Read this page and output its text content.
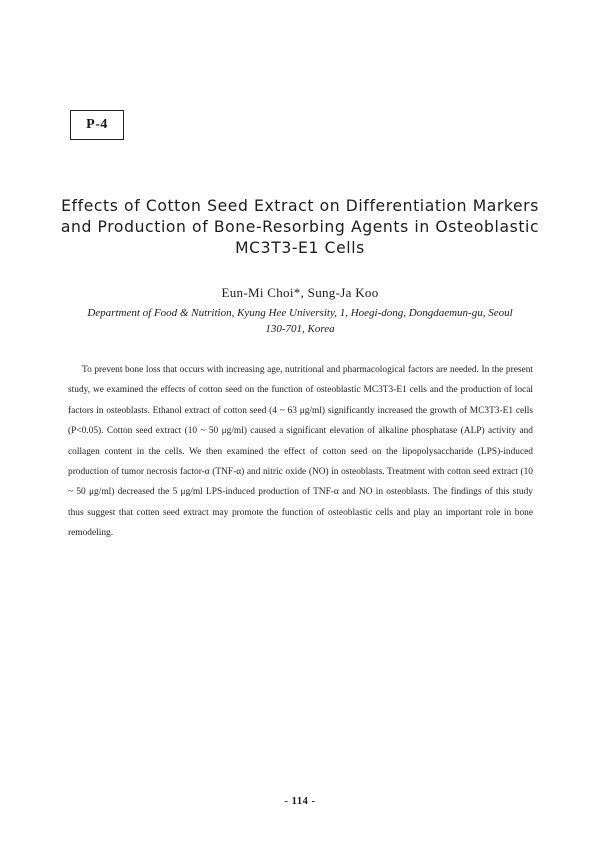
P-4
Effects of Cotton Seed Extract on Differentiation Markers
and Production of Bone-Resorbing Agents in Osteoblastic
MC3T3-E1 Cells
Eun-Mi Choi*, Sung-Ja Koo
Department of Food & Nutrition, Kyung Hee University, 1, Hoegi-dong, Dongdaemun-gu, Seoul
130-701, Korea

To prevent bone loss that occurs with increasing age, nutritional and pharmacological factors are needed. In the present study, we examined the effects of cotton seed on the function of osteoblastic MC3T3-E1 cells and the production of local factors in osteoblasts. Ethanol extract of cotton seed (4 ~ 63 μg/ml) significantly increased the growth of MC3T3-E1 cells (P<0.05). Cotton seed extract (10 ~ 50 μg/ml) caused a significant elevation of alkaline phosphatase (ALP) activity and collagen content in the cells. We then examined the effect of cotton seed on the lipopolysaccharide (LPS)-induced production of tumor necrosis factor-α (TNF-α) and nitric oxide (NO) in osteoblasts. Treatment with cotton seed extract (10 ~ 50 μg/ml) decreased the 5 μg/ml LPS-induced production of TNF-α and NO in osteoblasts. The findings of this study thus suggest that cotten seed extract may promote the function of osteoblastic cells and play an important role in bone remodeling.

- 114 -
